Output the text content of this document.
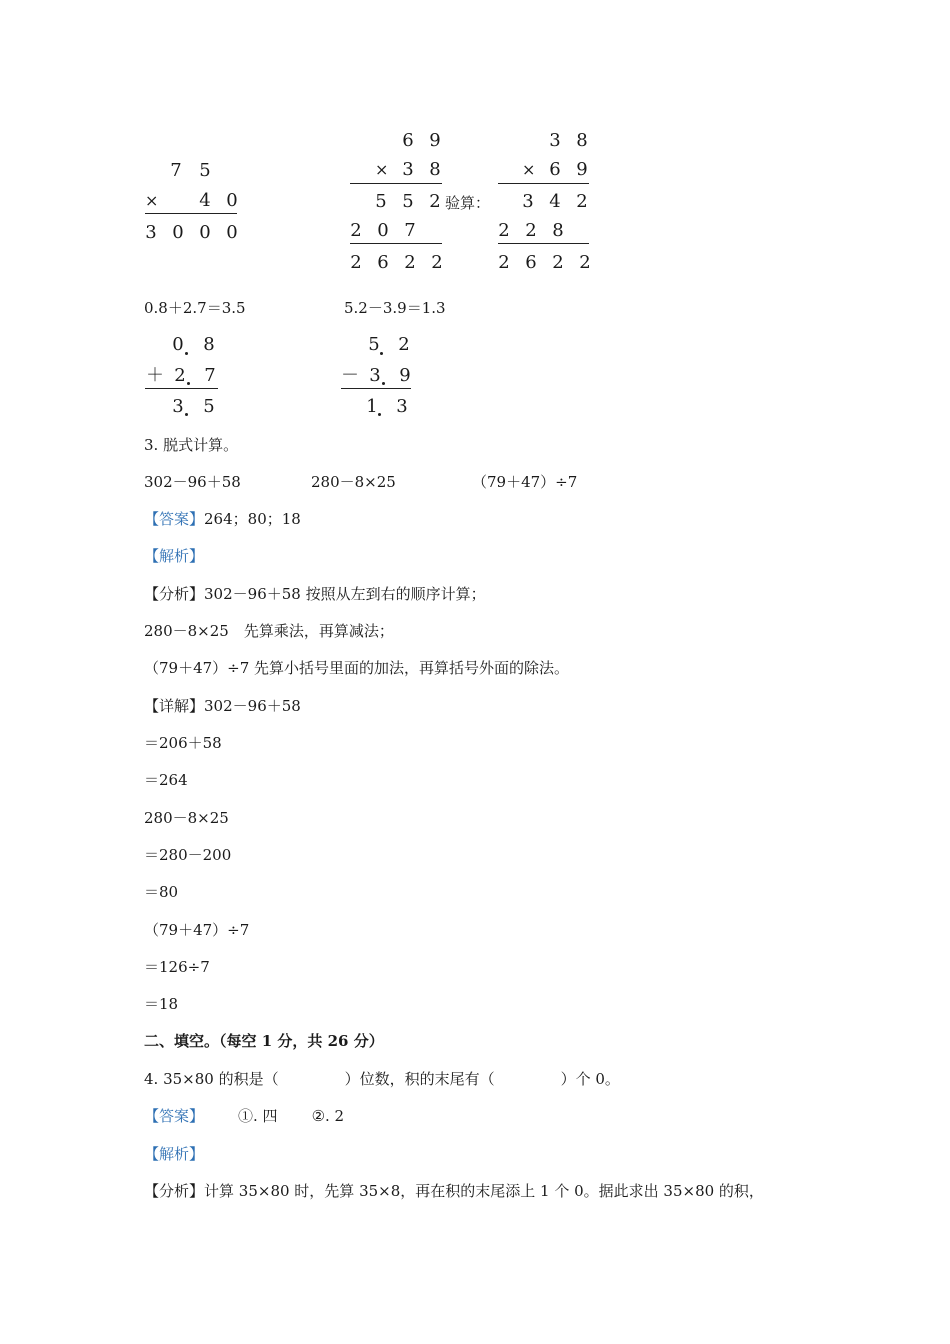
7 5
× 4 0
3 0 0 0
6 9
× 3 8
5 5 2
2 0 7
2 6 2 2
验算：
3 8
× 6 9
3 4 2
2 2 8
2 6 2 2
0.8＋2.7＝3.5	5.2－3.9＝1.3
0 8
＋ 2 7
3 5
5 2
－ 3 9
1 3
3. 脱式计算。
302－96＋58	280－8×25	（79＋47）÷7
【答案】264；80；18
【解析】
【分析】302－96＋58 按照从左到右的顺序计算；
280－8×25　先算乘法，再算减法；
（79＋47）÷7 先算小括号里面的加法，再算括号外面的除法。
【详解】302－96＋58
＝206＋58
＝264
280－8×25
＝280－200
＝80
（79＋47）÷7
＝126÷7
＝18
二、填空。（每空 1 分，共 26 分）
4. 35×80 的积是（	）位数，积的末尾有（	）个 0。
【答案】 ①. 四 ②. 2
【解析】
【分析】计算 35×80 时，先算 35×8，再在积的末尾添上 1 个 0。据此求出 35×80 的积，
